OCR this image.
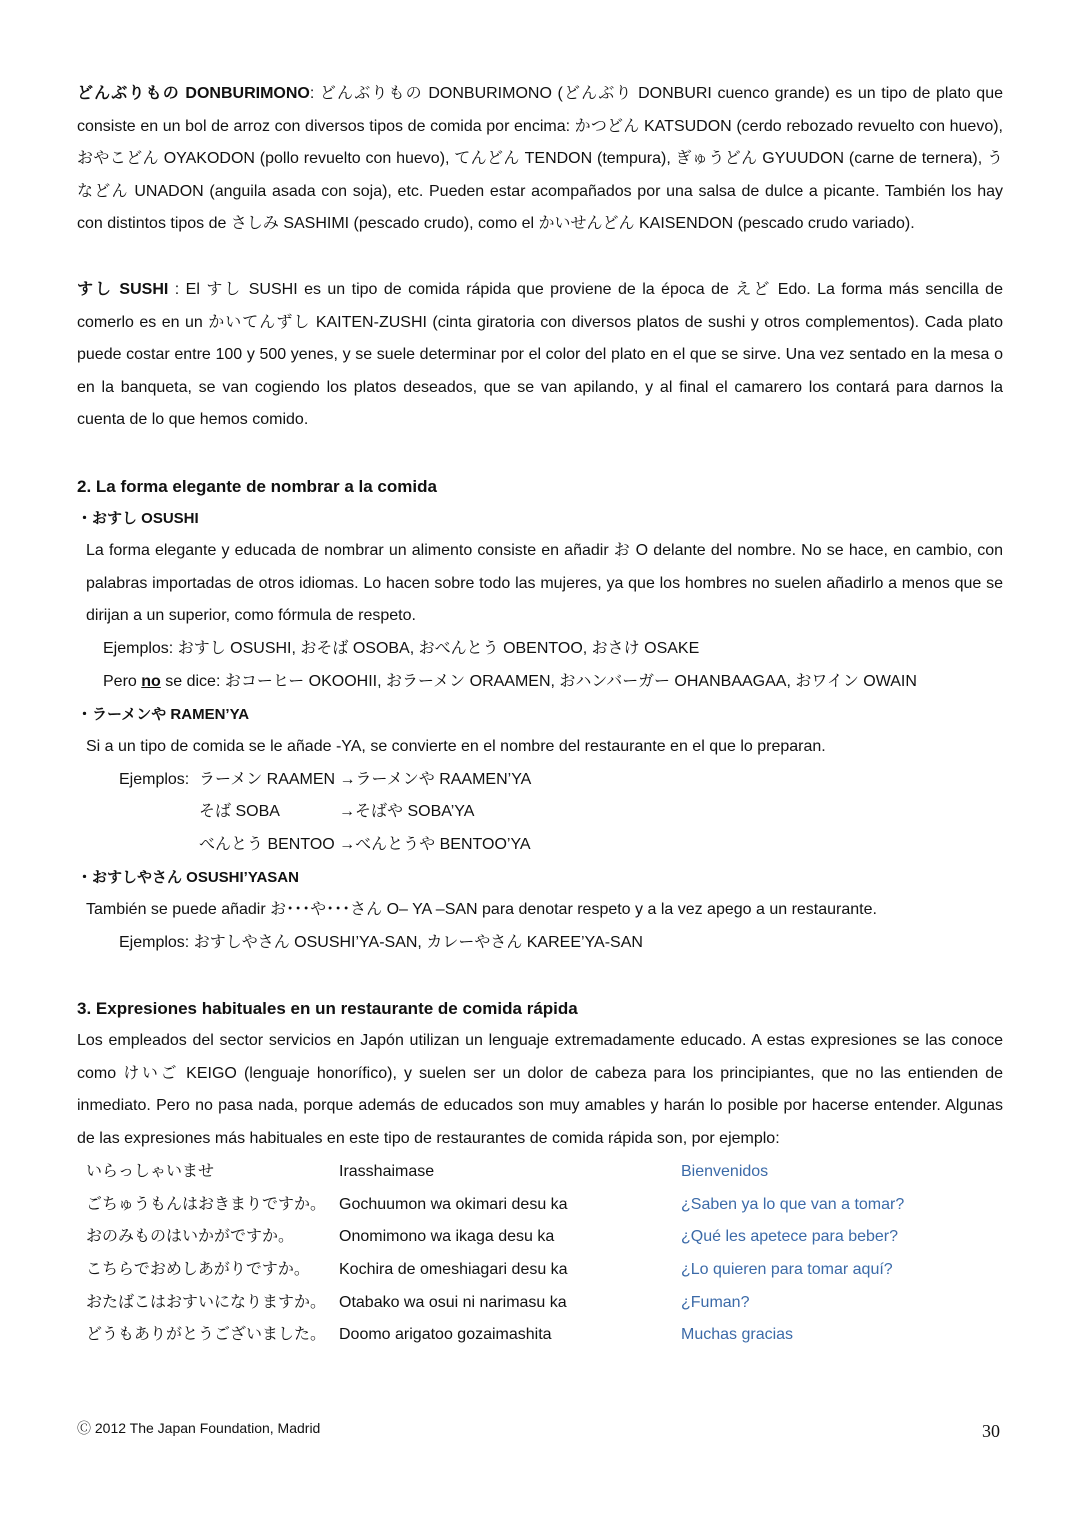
どんぶりもの DONBURIMONO: どんぶりもの DONBURIMONO (どんぶり DONBURI cuenco grande) es un tipo de plato que consiste en un bol de arroz con diversos tipos de comida por encima: かつどん KATSUDON (cerdo rebozado revuelto con huevo), おやこどん OYAKODON (pollo revuelto con huevo), てんどん TENDON (tempura), ぎゅうどん GYUUDON (carne de ternera), うなどん UNADON (anguila asada con soja), etc. Pueden estar acompañados por una salsa de dulce a picante. También los hay con distintos tipos de さしみ SASHIMI (pescado crudo), como el かいせんどん KAISENDON (pescado crudo variado).

すし SUSHI : El すし SUSHI es un tipo de comida rápida que proviene de la época de えど Edo. La forma más sencilla de comerlo es en un かいてんずし KAITEN-ZUSHI (cinta giratoria con diversos platos de sushi y otros complementos). Cada plato puede costar entre 100 y 500 yenes, y se suele determinar por el color del plato en el que se sirve. Una vez sentado en la mesa o en la banqueta, se van cogiendo los platos deseados, que se van apilando, y al final el camarero los contará para darnos la cuenta de lo que hemos comido.

2. La forma elegante de nombrar a la comida
・おすし OSUSHI

La forma elegante y educada de nombrar un alimento consiste en añadir お O delante del nombre. No se hace, en cambio, con palabras importadas de otros idiomas. Lo hacen sobre todo las mujeres, ya que los hombres no suelen añadirlo a menos que se dirijan a un superior, como fórmula de respeto.

Ejemplos: おすし OSUSHI, おそば OSOBA, おべんとう OBENTOO, おさけ OSAKE
Pero no se dice: おコーヒー OKOOHII, おラーメン ORAAMEN, おハンバーガー OHANBAAGAA, おワイン OWAIN
・ラーメンや RAMEN’YA
Si a un tipo de comida se le añade -YA, se convierte en el nombre del restaurante en el que lo preparan.
Ejemplos: ラーメン RAAMEN →ラーメンや RAAMEN’YA
そば SOBA	→そばや SOBA’YA
べんとう BENTOO →べんとうや BENTOO’YA
・おすしやさん OSUSHI’YASAN
También se puede añadir お･･･や･･･さん O– YA –SAN para denotar respeto y a la vez apego a un restaurante.
Ejemplos: おすしやさん OSUSHI’YA-SAN, カレーやさん KAREE’YA-SAN
3. Expresiones habituales en un restaurante de comida rápida

Los empleados del sector servicios en Japón utilizan un lenguaje extremadamente educado. A estas expresiones se las conoce como けいご KEIGO (lenguaje honorífico), y suelen ser un dolor de cabeza para los principiantes, que no las entienden de inmediato. Pero no pasa nada, porque además de educados son muy amables y harán lo posible por hacerse entender. Algunas de las expresiones más habituales en este tipo de restaurantes de comida rápida son, por ejemplo:

いらっしゃいませ	Irasshaimase	Bienvenidos
ごちゅうもんはおきまりですか。 Gochuumon wa okimari desu ka	¿Saben ya lo que van a tomar?
おのみものはいかがですか。	Onomimono wa ikaga desu ka	¿Qué les apetece para beber?
こちらでおめしあがりですか。 Kochira de omeshiagari desu ka	¿Lo quieren para tomar aquí?
おたばこはおすいになりますか。 Otabako wa osui ni narimasu ka	¿Fuman?
どうもありがとうございました。 Doomo arigatoo gozaimashita	Muchas gracias
Ⓒ 2012 The Japan Foundation, Madrid	30
